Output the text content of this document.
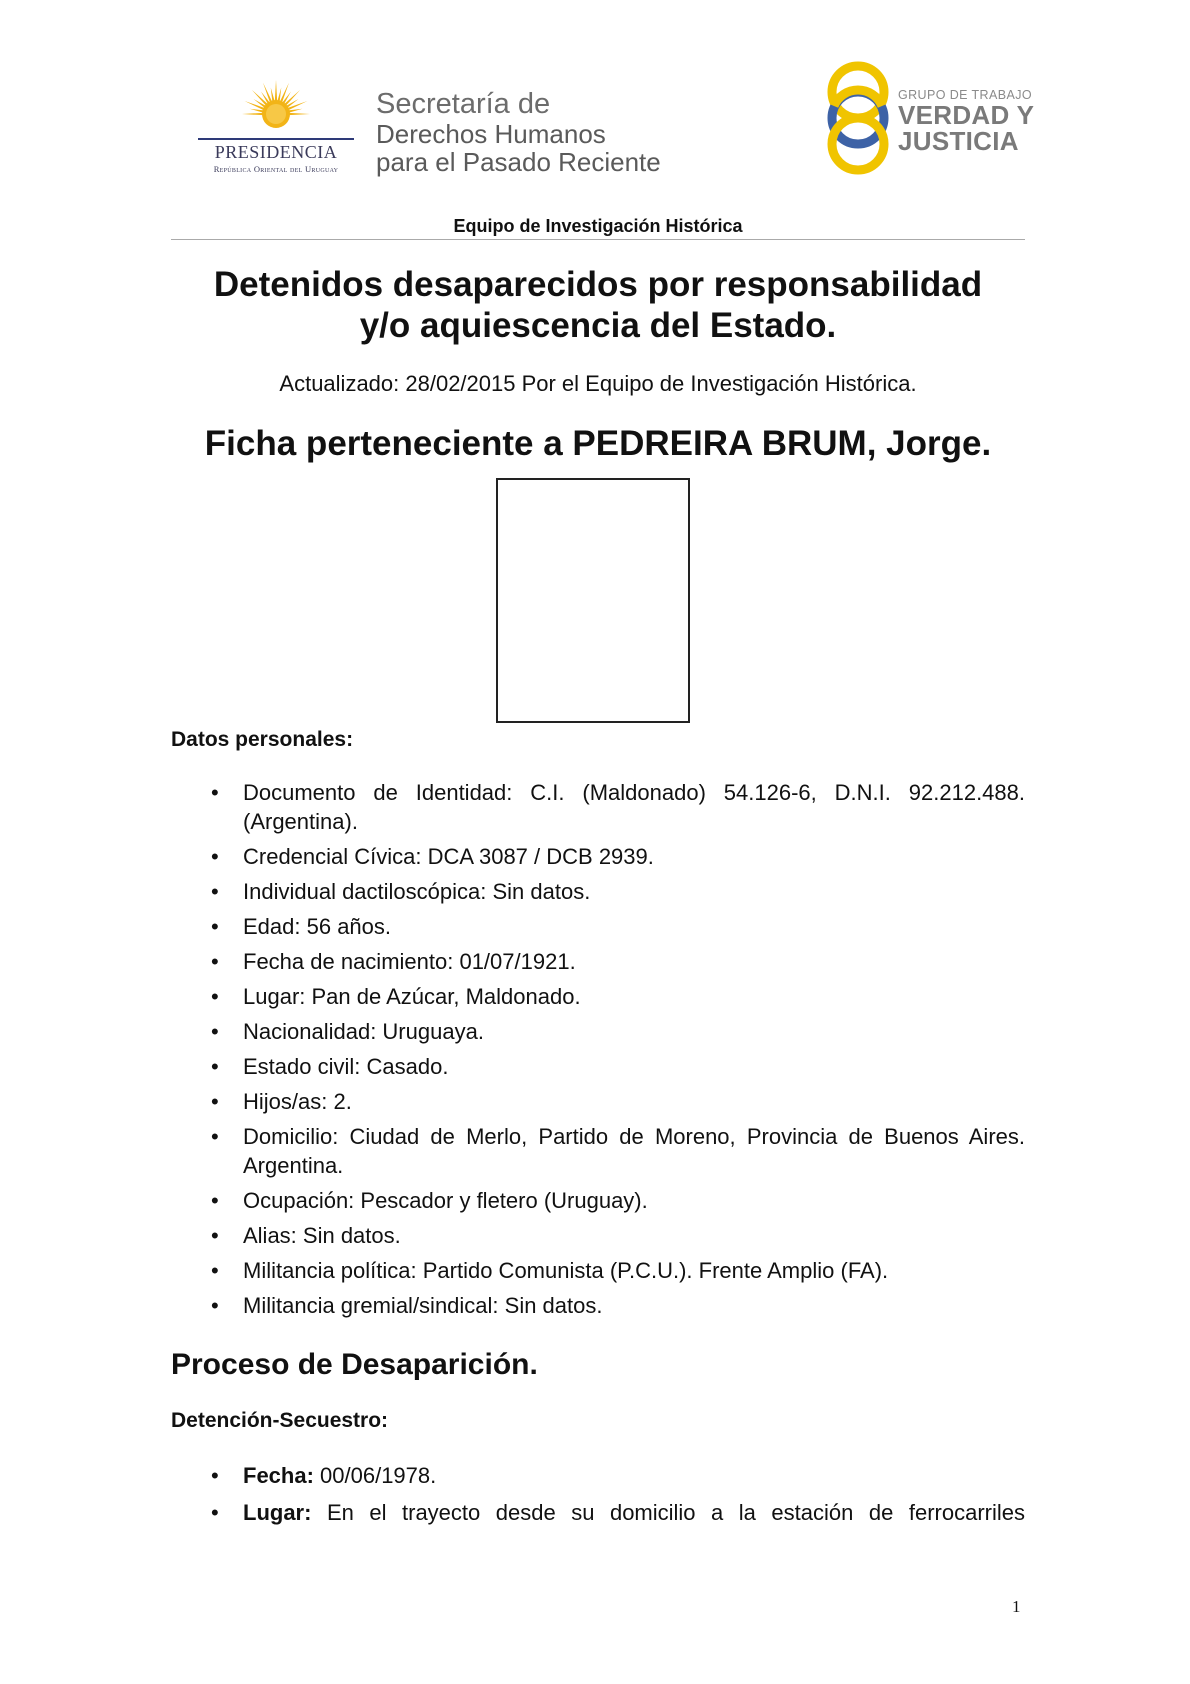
PRESIDENCIA
República Oriental del Uruguay
Secretaría de
Derechos Humanos
para el Pasado Reciente
GRUPO DE TRABAJO
VERDAD Y
JUSTICIA
Equipo de Investigación Histórica
Detenidos desaparecidos por responsabilidad
y/o aquiescencia del Estado.
Actualizado: 28/02/2015 Por el Equipo de Investigación Histórica.
Ficha perteneciente a PEDREIRA BRUM, Jorge.
Datos personales:
• Documento de Identidad: C.I. (Maldonado) 54.126-6, D.N.I. 92.212.488. (Argentina).
• Credencial Cívica: DCA 3087 / DCB 2939.
• Individual dactiloscópica: Sin datos.
• Edad: 56 años.
• Fecha de nacimiento: 01/07/1921.
• Lugar: Pan de Azúcar, Maldonado.
• Nacionalidad: Uruguaya.
• Estado civil: Casado.
• Hijos/as: 2.
• Domicilio: Ciudad de Merlo, Partido de Moreno, Provincia de Buenos Aires. Argentina.
• Ocupación: Pescador y fletero (Uruguay).
• Alias: Sin datos.
• Militancia política: Partido Comunista (P.C.U.). Frente Amplio (FA).
• Militancia gremial/sindical: Sin datos.
Proceso de Desaparición.
Detención-Secuestro:
• Fecha: 00/06/1978.
• Lugar: En el trayecto desde su domicilio a la estación de ferrocarriles
1
